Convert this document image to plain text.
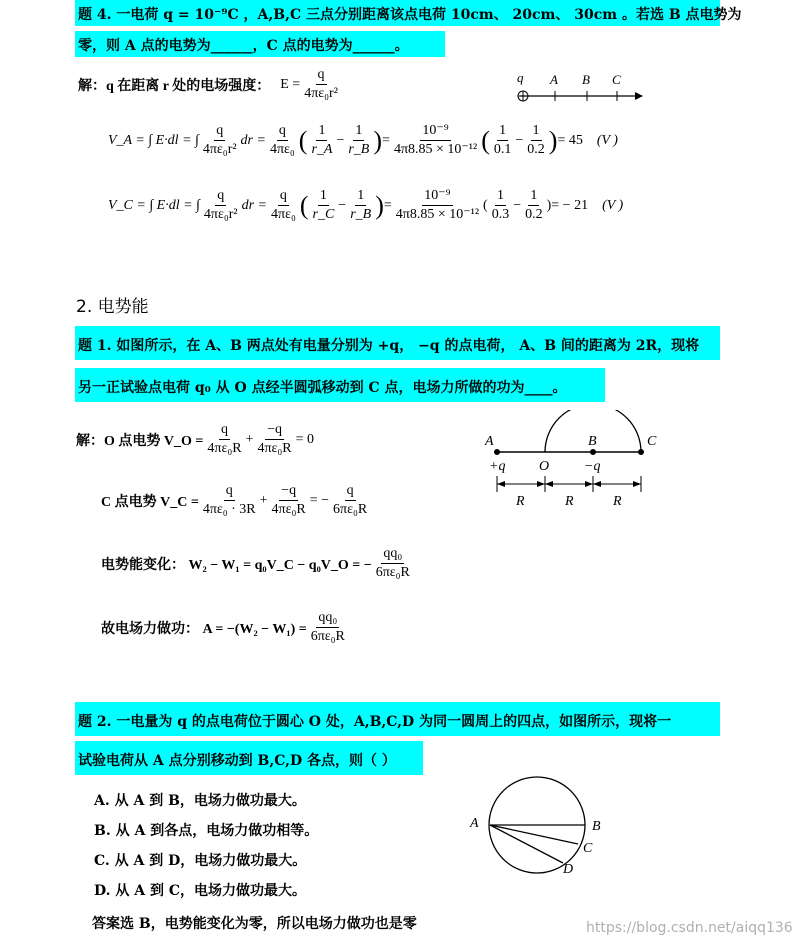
题 4. 一电荷 q = 10⁻⁹C ，A,B,C 三点分别距离该点电荷 10cm、 20cm、 30cm 。若选 B 点电势为
零，则 A 点的电势为______，C 点的电势为______。
解：q 在距离 r 处的电场强度： $E = \frac{q}{\text{4πε₀r²}}$	q A B C
V_A = ∫ E·dl = ∫ $\frac{q}{\text{4πε₀r²}}$ dr = $\frac{q}{\text{4πε₀}}$ ( $\frac{1}{r\_A} - \frac{1}{r\_B}$ ) = $\frac{\text{10⁻⁹}}{\text{4π8.85 × 10⁻¹²}}$ ( $\frac{1}{0.1} - \frac{1}{0.2}$ ) = 45 (V )
V_C = ∫ E·dl = ∫ $\frac{q}{\text{4πε₀r²}}$ dr = $\frac{q}{\text{4πε₀}}$ ( $\frac{1}{r\_C} - \frac{1}{r\_B}$ ) = $\frac{\text{10⁻⁹}}{\text{4π8.85 × 10⁻¹²}}$ ( $\frac{1}{0.3} - \frac{1}{0.2}$ )= − 21 (V )
2. 电势能
题 1. 如图所示，在 A、B 两点处有电量分别为 +q， −q 的点电荷， A、B 间的距离为 2R，现将
另一正试验点电荷 q₀ 从 O 点经半圆弧移动到 C 点，电场力所做的功为____。
解：O 点电势 V_O = $\frac{q}{\text{4πε₀R}} + \frac{-q}{\text{4πε₀R}} = 0$
C 点电势 V_C = $\frac{q}{\text{4πε₀ · 3R}} + \frac{-q}{\text{4πε₀R}}$ = − $\frac{q}{\text{6πε₀R}}$
电势能变化： W₂ − W₁ = q₀V_C − q₀V_O = − $\frac{\text{qq₀}}{\text{6πε₀R}}$
故电场力做功： $A = -(W_2 - W_1) = \frac{\text{qq₀}}{\text{6πε₀R}}$
A	B	C
+q O −q
R	R	R
题 2. 一电量为 q 的点电荷位于圆心 O 处，A,B,C,D 为同一圆周上的四点，如图所示，现将一
试验电荷从 A 点分别移动到 B,C,D 各点，则（ ）
A. 从 A 到 B，电场力做功最大。
B. 从 A 到各点，电场力做功相等。
C. 从 A 到 D，电场力做功最大。
D. 从 A 到 C，电场力做功最大。
答案选 B，电势能变化为零，所以电场力做功也是零
A	B
C
D
https://blog.csdn.net/aiqq136
